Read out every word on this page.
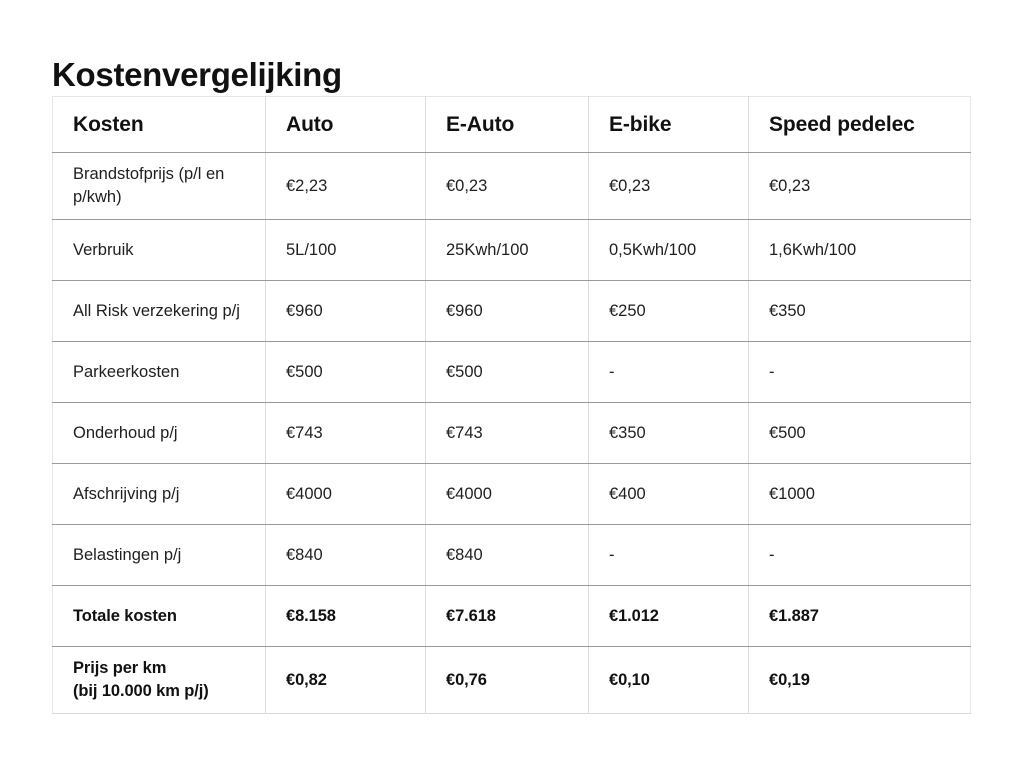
Kostenvergelijking
Kosten	Auto	E-Auto	E-bike	Speed pedelec

Brandstofprijs (p/l en
p/kwh)	€2,23	€0,23	€0,23	€0,23
Verbruik	5L/100	25Kwh/100	0,5Kwh/100	1,6Kwh/100
All Risk verzekering p/j	€960	€960	€250	€350
Parkeerkosten	€500	€500	-	-
Onderhoud p/j	€743	€743	€350	€500
Afschrijving p/j	€4000	€4000	€400	€1000
Belastingen p/j	€840	€840	-	-
Totale kosten	€8.158	€7.618	€1.012	€1.887

Prijs per km
(bij 10.000 km p/j)	€0,82	€0,76	€0,10	€0,19
